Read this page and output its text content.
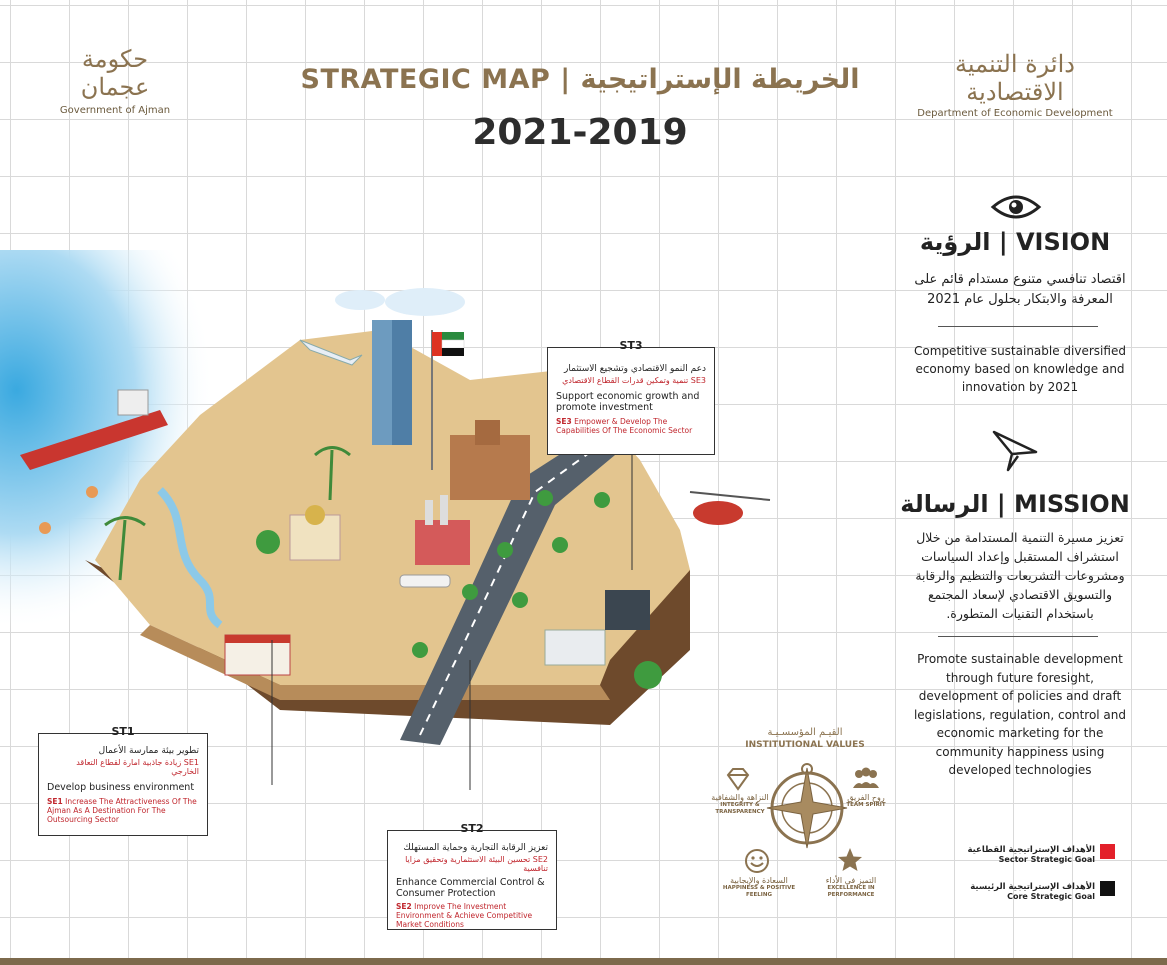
حكومة عجمان
Government of Ajman
دائرة التنمية الاقتصادية
Department of Economic Development
STRATEGIC MAP | الخريطة الإستراتيجية
2021-2019
ST3
دعم النمو الاقتصادي وتشجيع الاستثمار
SE3 تنمية وتمكين قدرات القطاع الاقتصادي
Support economic growth and promote investment
SE3 Empower & Develop The Capabilities Of The Economic Sector
ST1
تطوير بيئة ممارسة الأعمال
SE1 زيادة جاذبية امارة لقطاع التعاقد الخارجي
Develop business environment
SE1 Increase The Attractiveness Of The Ajman As A Destination For The Outsourcing Sector
ST2
تعزيز الرقابة التجارية وحماية المستهلك
SE2 تحسين البيئة الاستثمارية وتحقيق مزايا تنافسية
Enhance Commercial Control & Consumer Protection
SE2 Improve The Investment Environment & Achieve Competitive Market Conditions
الرؤية | VISION
اقتصاد تنافسي متنوع مستدام قائم على المعرفة والابتكار بحلول عام 2021
Competitive sustainable diversified economy based on knowledge and innovation by 2021
الرسالة | MISSION
تعزيز مسيرة التنمية المستدامة من خلال استشراف المستقبل وإعداد السياسات ومشروعات التشريعات والتنظيم والرقابة والتسويق الاقتصادي لإسعاد المجتمع باستخدام التقنيات المتطورة.
Promote sustainable development through future foresight, development of policies and draft legislations, regulation, control and economic marketing for the community happiness using developed technologies
القيـم المؤسسـيـة
INSTITUTIONAL VALUES
النزاهة والشفافية
INTEGRITY & TRANSPARENCY
روح الفريق
TEAM SPIRIT
السعادة والإيجابية
HAPPINESS & POSITIVE FEELING
التميز في الأداء
EXCELLENCE IN PERFORMANCE
الأهداف الإستراتيجية القطاعية
Sector Strategic Goal
الأهداف الإستراتيجية الرئيسية
Core Strategic Goal
